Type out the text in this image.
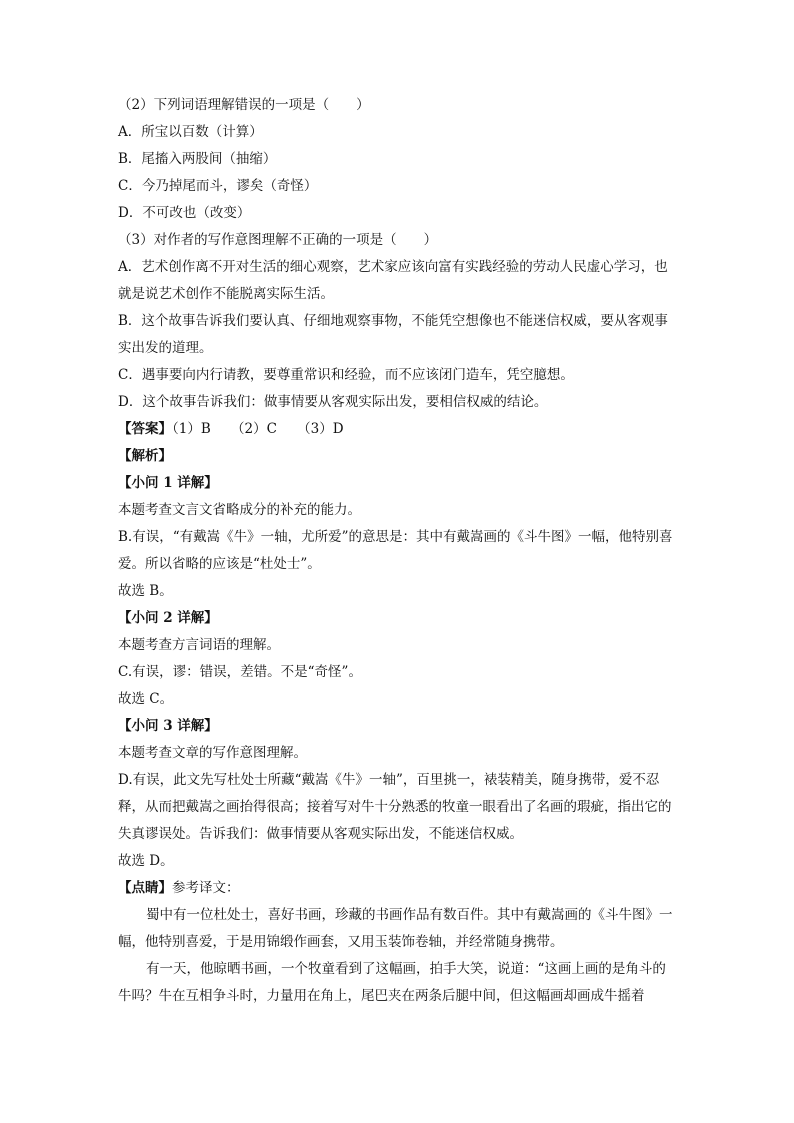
（2）下列词语理解错误的一项是（　　）
A．所宝以百数（计算）
B．尾搐入两股间（抽缩）
C．今乃掉尾而斗，谬矣（奇怪）
D．不可改也（改变）
（3）对作者的写作意图理解不正确的一项是（　　）
A．艺术创作离不开对生活的细心观察，艺术家应该向富有实践经验的劳动人民虚心学习，也就是说艺术创作不能脱离实际生活。
B．这个故事告诉我们要认真、仔细地观察事物，不能凭空想像也不能迷信权威，要从客观事实出发的道理。
C．遇事要向内行请教，要尊重常识和经验，而不应该闭门造车，凭空臆想。
D．这个故事告诉我们：做事情要从客观实际出发，要相信权威的结论。
【答案】（1）B　　（2）C　　（3）D
【解析】
【小问 1 详解】
本题考查文言文省略成分的补充的能力。
B.有误，“有戴嵩《牛》一轴，尤所爱”的意思是：其中有戴嵩画的《斗牛图》一幅，他特别喜爱。所以省略的应该是“杜处士”。
故选 B。
【小问 2 详解】
本题考查方言词语的理解。
C.有误，谬：错误，差错。不是“奇怪”。
故选 C。
【小问 3 详解】
本题考查文章的写作意图理解。
D.有误，此文先写杜处士所藏“戴嵩《牛》一轴”，百里挑一，裱装精美，随身携带，爱不忍释，从而把戴嵩之画抬得很高；接着写对牛十分熟悉的牧童一眼看出了名画的瑕疵，指出它的失真谬误处。告诉我们：做事情要从客观实际出发，不能迷信权威。
故选 D。
【点睛】参考译文：
蜀中有一位杜处士，喜好书画，珍藏的书画作品有数百件。其中有戴嵩画的《斗牛图》一幅，他特别喜爱，于是用锦缎作画套，又用玉装饰卷轴，并经常随身携带。
有一天，他晾晒书画，一个牧童看到了这幅画，拍手大笑，说道：“这画上画的是角斗的牛吗？牛在互相争斗时，力量用在角上，尾巴夹在两条后腿中间，但这幅画却画成牛摇着
